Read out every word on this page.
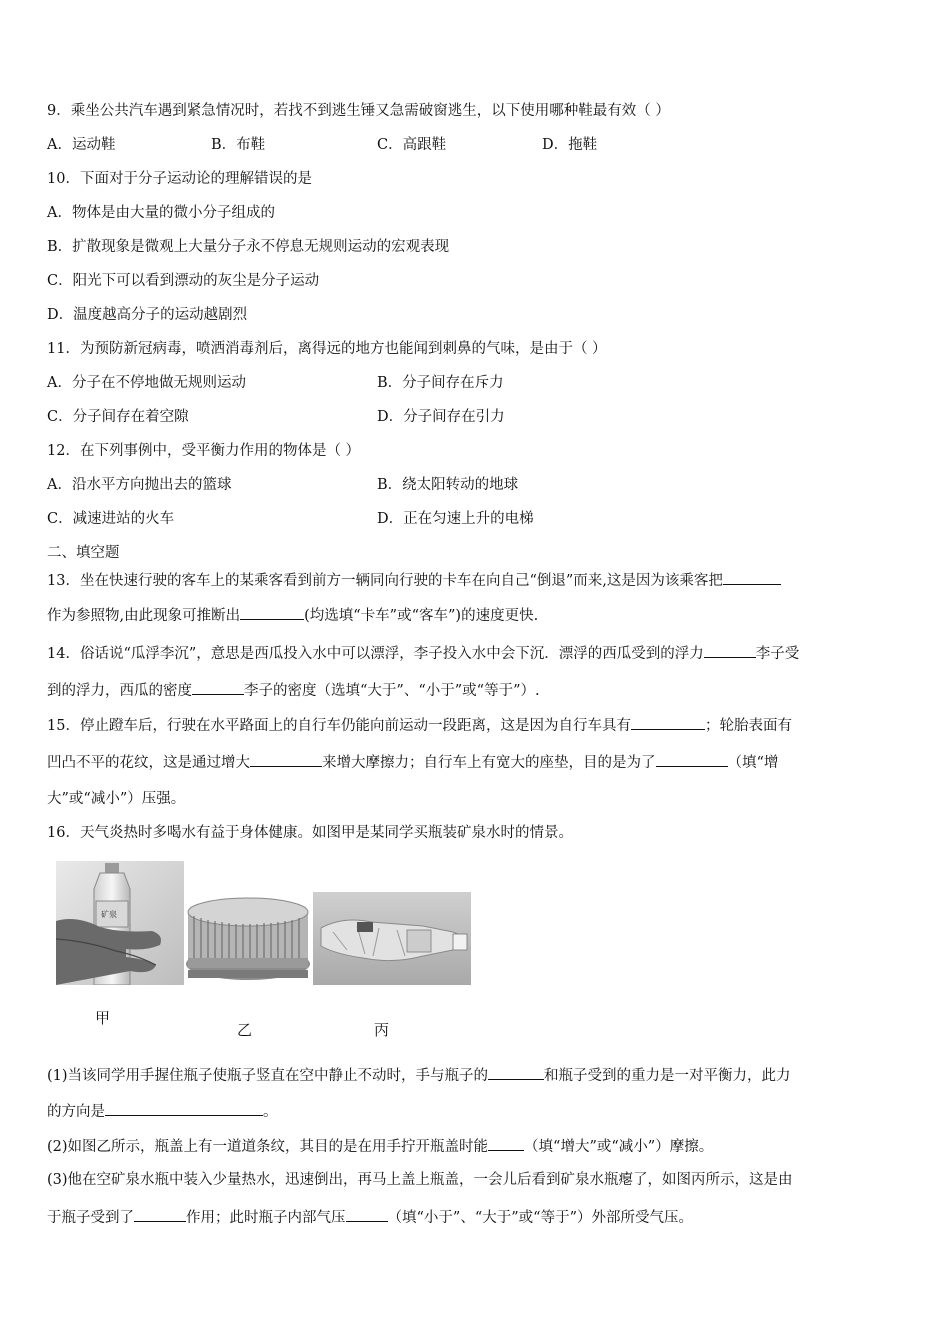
9．乘坐公共汽车遇到紧急情况时，若找不到逃生锤又急需破窗逃生，以下使用哪种鞋最有效（ ）
A．运动鞋	B．布鞋	C．高跟鞋	D．拖鞋
10．下面对于分子运动论的理解错误的是
A．物体是由大量的微小分子组成的
B．扩散现象是微观上大量分子永不停息无规则运动的宏观表现
C．阳光下可以看到漂动的灰尘是分子运动
D．温度越高分子的运动越剧烈
11．为预防新冠病毒，喷洒消毒剂后，离得远的地方也能闻到刺鼻的气味，是由于（ ）
A．分子在不停地做无规则运动	B．分子间存在斥力
C．分子间存在着空隙	D．分子间存在引力
12．在下列事例中，受平衡力作用的物体是（ ）
A．沿水平方向抛出去的篮球	B．绕太阳转动的地球
C．减速进站的火车	D．正在匀速上升的电梯
二、填空题
13．坐在快速行驶的客车上的某乘客看到前方一辆同向行驶的卡车在向自己“倒退”而来,这是因为该乘客把
作为参照物,由此现象可推断出	(均选填“卡车”或“客车”)的速度更快.
14．俗话说“瓜浮李沉”，意思是西瓜投入水中可以漂浮，李子投入水中会下沉．漂浮的西瓜受到的浮力	李子受
到的浮力，西瓜的密度	李子的密度（选填“大于”、“小于”或“等于”）.
15．停止蹬车后，行驶在水平路面上的自行车仍能向前运动一段距离，这是因为自行车具有	；轮胎表面有
凹凸不平的花纹，这是通过增大	来增大摩擦力；自行车上有宽大的座垫，目的是为了	（填“增
大”或“减小”）压强。
16．天气炎热时多喝水有益于身体健康。如图甲是某同学买瓶装矿泉水时的情景。
矿泉
甲
乙	丙
(1)当该同学用手握住瓶子使瓶子竖直在空中静止不动时，手与瓶子的	和瓶子受到的重力是一对平衡力，此力
的方向是	。
(2)如图乙所示，瓶盖上有一道道条纹，其目的是在用手拧开瓶盖时能 （填“增大”或“减小”）摩擦。
(3)他在空矿泉水瓶中装入少量热水，迅速倒出，再马上盖上瓶盖，一会儿后看到矿泉水瓶瘪了，如图丙所示，这是由
于瓶子受到了	作用；此时瓶子内部气压	（填“小于”、“大于”或“等于”）外部所受气压。
